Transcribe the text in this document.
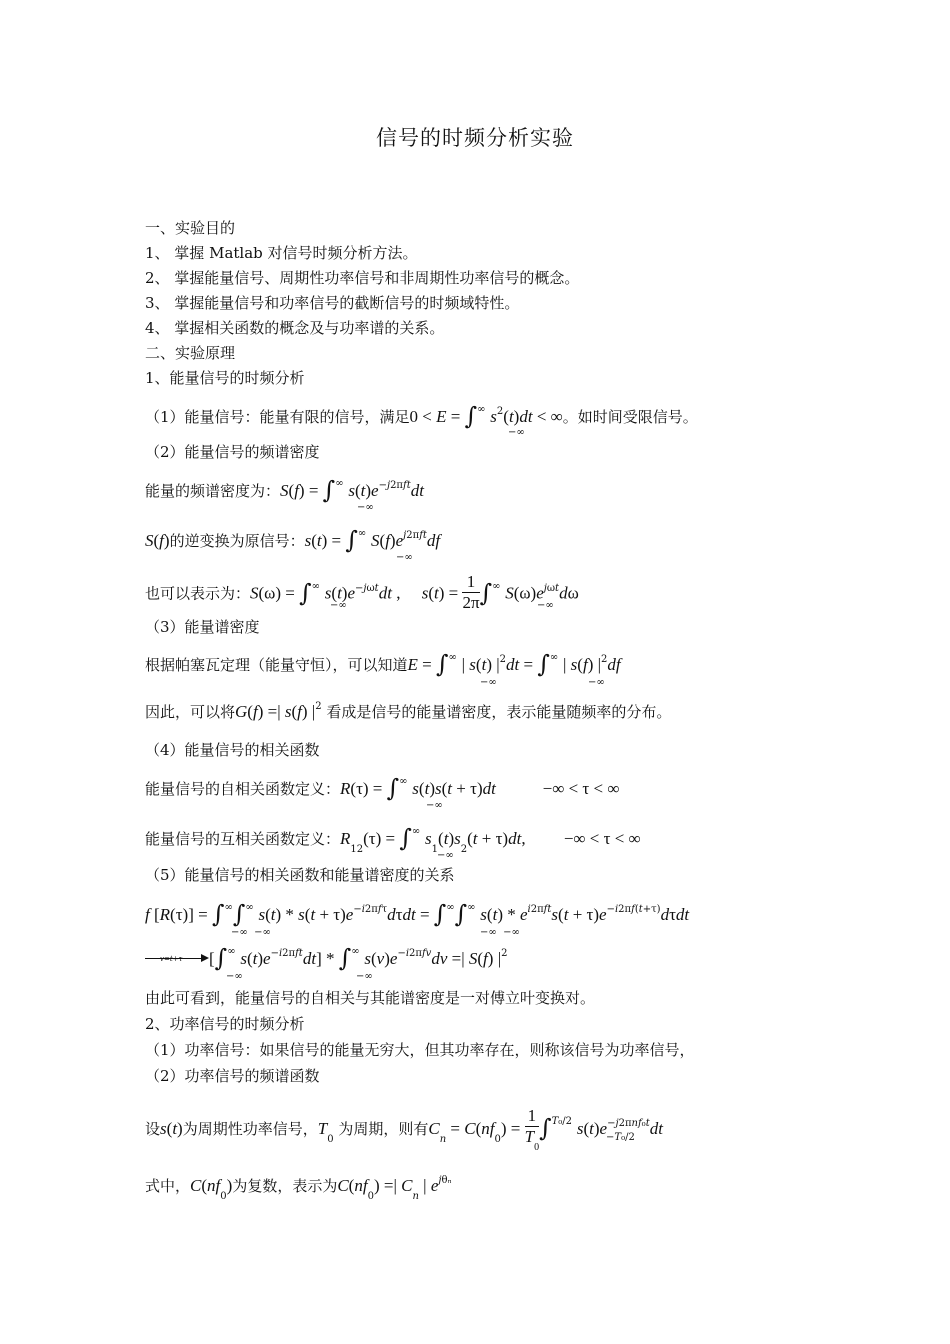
信号的时频分析实验
一、实验目的
1、 掌握 Matlab 对信号时频分析方法。
2、 掌握能量信号、周期性功率信号和非周期性功率信号的概念。
3、 掌握能量信号和功率信号的截断信号的时频域特性。
4、 掌握相关函数的概念及与功率谱的关系。
二、实验原理
1、能量信号的时频分析
（1）能量信号：能量有限的信号，满足0 < E = ∫∞ $s^2(t)dt$ < ∞。如时间受限信号。
−∞
（2）能量信号的频谱密度
能量的频谱密度为：S(f) = ∫∞ $s(t)e^{-j2\pi ft}dt$
−∞
S(f)的逆变换为原信号：s(t) = ∫∞ $S(f)e^{j2\pi ft}df$
−∞
也可以表示为：S(ω) = ∫∞ $s(t)e^{-j\omega t}dt$ ,     $s(t) = \frac{1}{2\pi} \int^\infty$ $S(\omega)e^{j\omega t}d\omega$
−∞	−∞
（3）能量谱密度
根据帕塞瓦定理（能量守恒），可以知道E = ∫∞ | s(t) $|^2dt = \int^\infty$ | s(f) $|^2df$
−∞	−∞
因此，可以将G(f) =| s(f) $|^2$ 看成是信号的能量谱密度，表示能量随频率的分布。
（4）能量信号的相关函数
能量信号的自相关函数定义：R(τ) = ∫∞ s(t)s(t + τ)dt           −∞ < τ < ∞
−∞
能量信号的互相关函数定义：$R_{12}(\tau) = \int^\infty$ $s_1(t)s_2(t + \tau)dt$,         −∞ < τ < ∞
−∞
（5）能量信号的相关函数和能量谱密度的关系
f [R(τ)] = ∫∞∫∞ $s(t) * s(t + \tau)e^{-i2\pi f\tau}d\tau dt = \int^\infty\int^\infty$ $s(t) * e^{i2\pi ft}s(t + \tau)e^{-i2\pi f(t+\tau)}d\tau dt$
−∞  −∞	−∞  −∞
v=t+τ [∫∞ $s(t)e^{-i2\pi ft}dt] * \int^\infty$ $s(v)e^{-i2\pi fv}dv$ =| S(f) $|^2$
−∞	−∞
由此可看到，能量信号的自相关与其能谱密度是一对傅立叶变换对。
2、功率信号的时频分析
（1）功率信号：如果信号的能量无穷大，但其功率存在，则称该信号为功率信号，
（2）功率信号的频谱函数
设s(t)为周期性功率信号，$T_0$ 为周期，则有$C_n = C(nf_0) = \frac{1}{T_0} \int^{T_0/2}$ $s(t)e^{-j2\pi nf_0t}dt$
−T₀/2
式中，$C(nf_0)$为复数，表示为$C(nf_0)$ =| $C_n$ | $e^{j\theta_n}$
